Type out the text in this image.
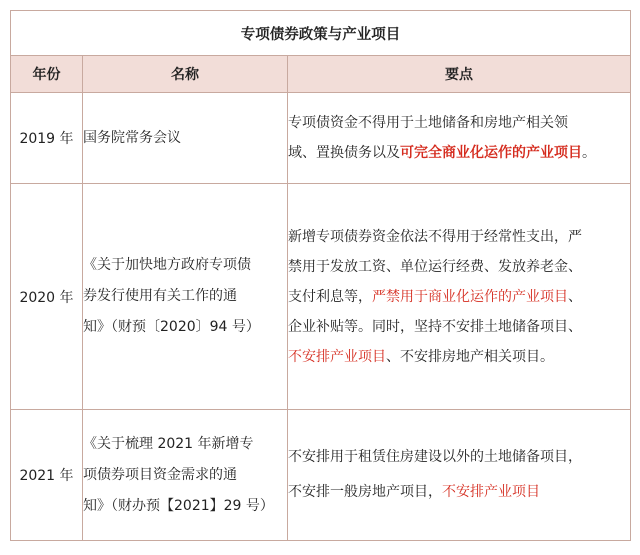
专项债券政策与产业项目		
年份	名称	要点
2019 年	国务院常务会议	专项债资金不得用于土地储备和房地产相关领
域、置换债务以及可完全商业化运作的产业项目。

2020 年	《关于加快地方政府专项债
券发行使用有关工作的通
知》（财预〔2020〕94 号）	新增专项债券资金依法不得用于经常性支出，严
禁用于发放工资、单位运行经费、发放养老金、
支付利息等，严禁用于商业化运作的产业项目、
企业补贴等。同时，坚持不安排土地储备项目、
不安排产业项目、不安排房地产相关项目。

2021 年	《关于梳理 2021 年新增专
项债券项目资金需求的通
知》（财办预【2021】29 号）	不安排用于租赁住房建设以外的土地储备项目，
不安排一般房地产项目，不安排产业项目
